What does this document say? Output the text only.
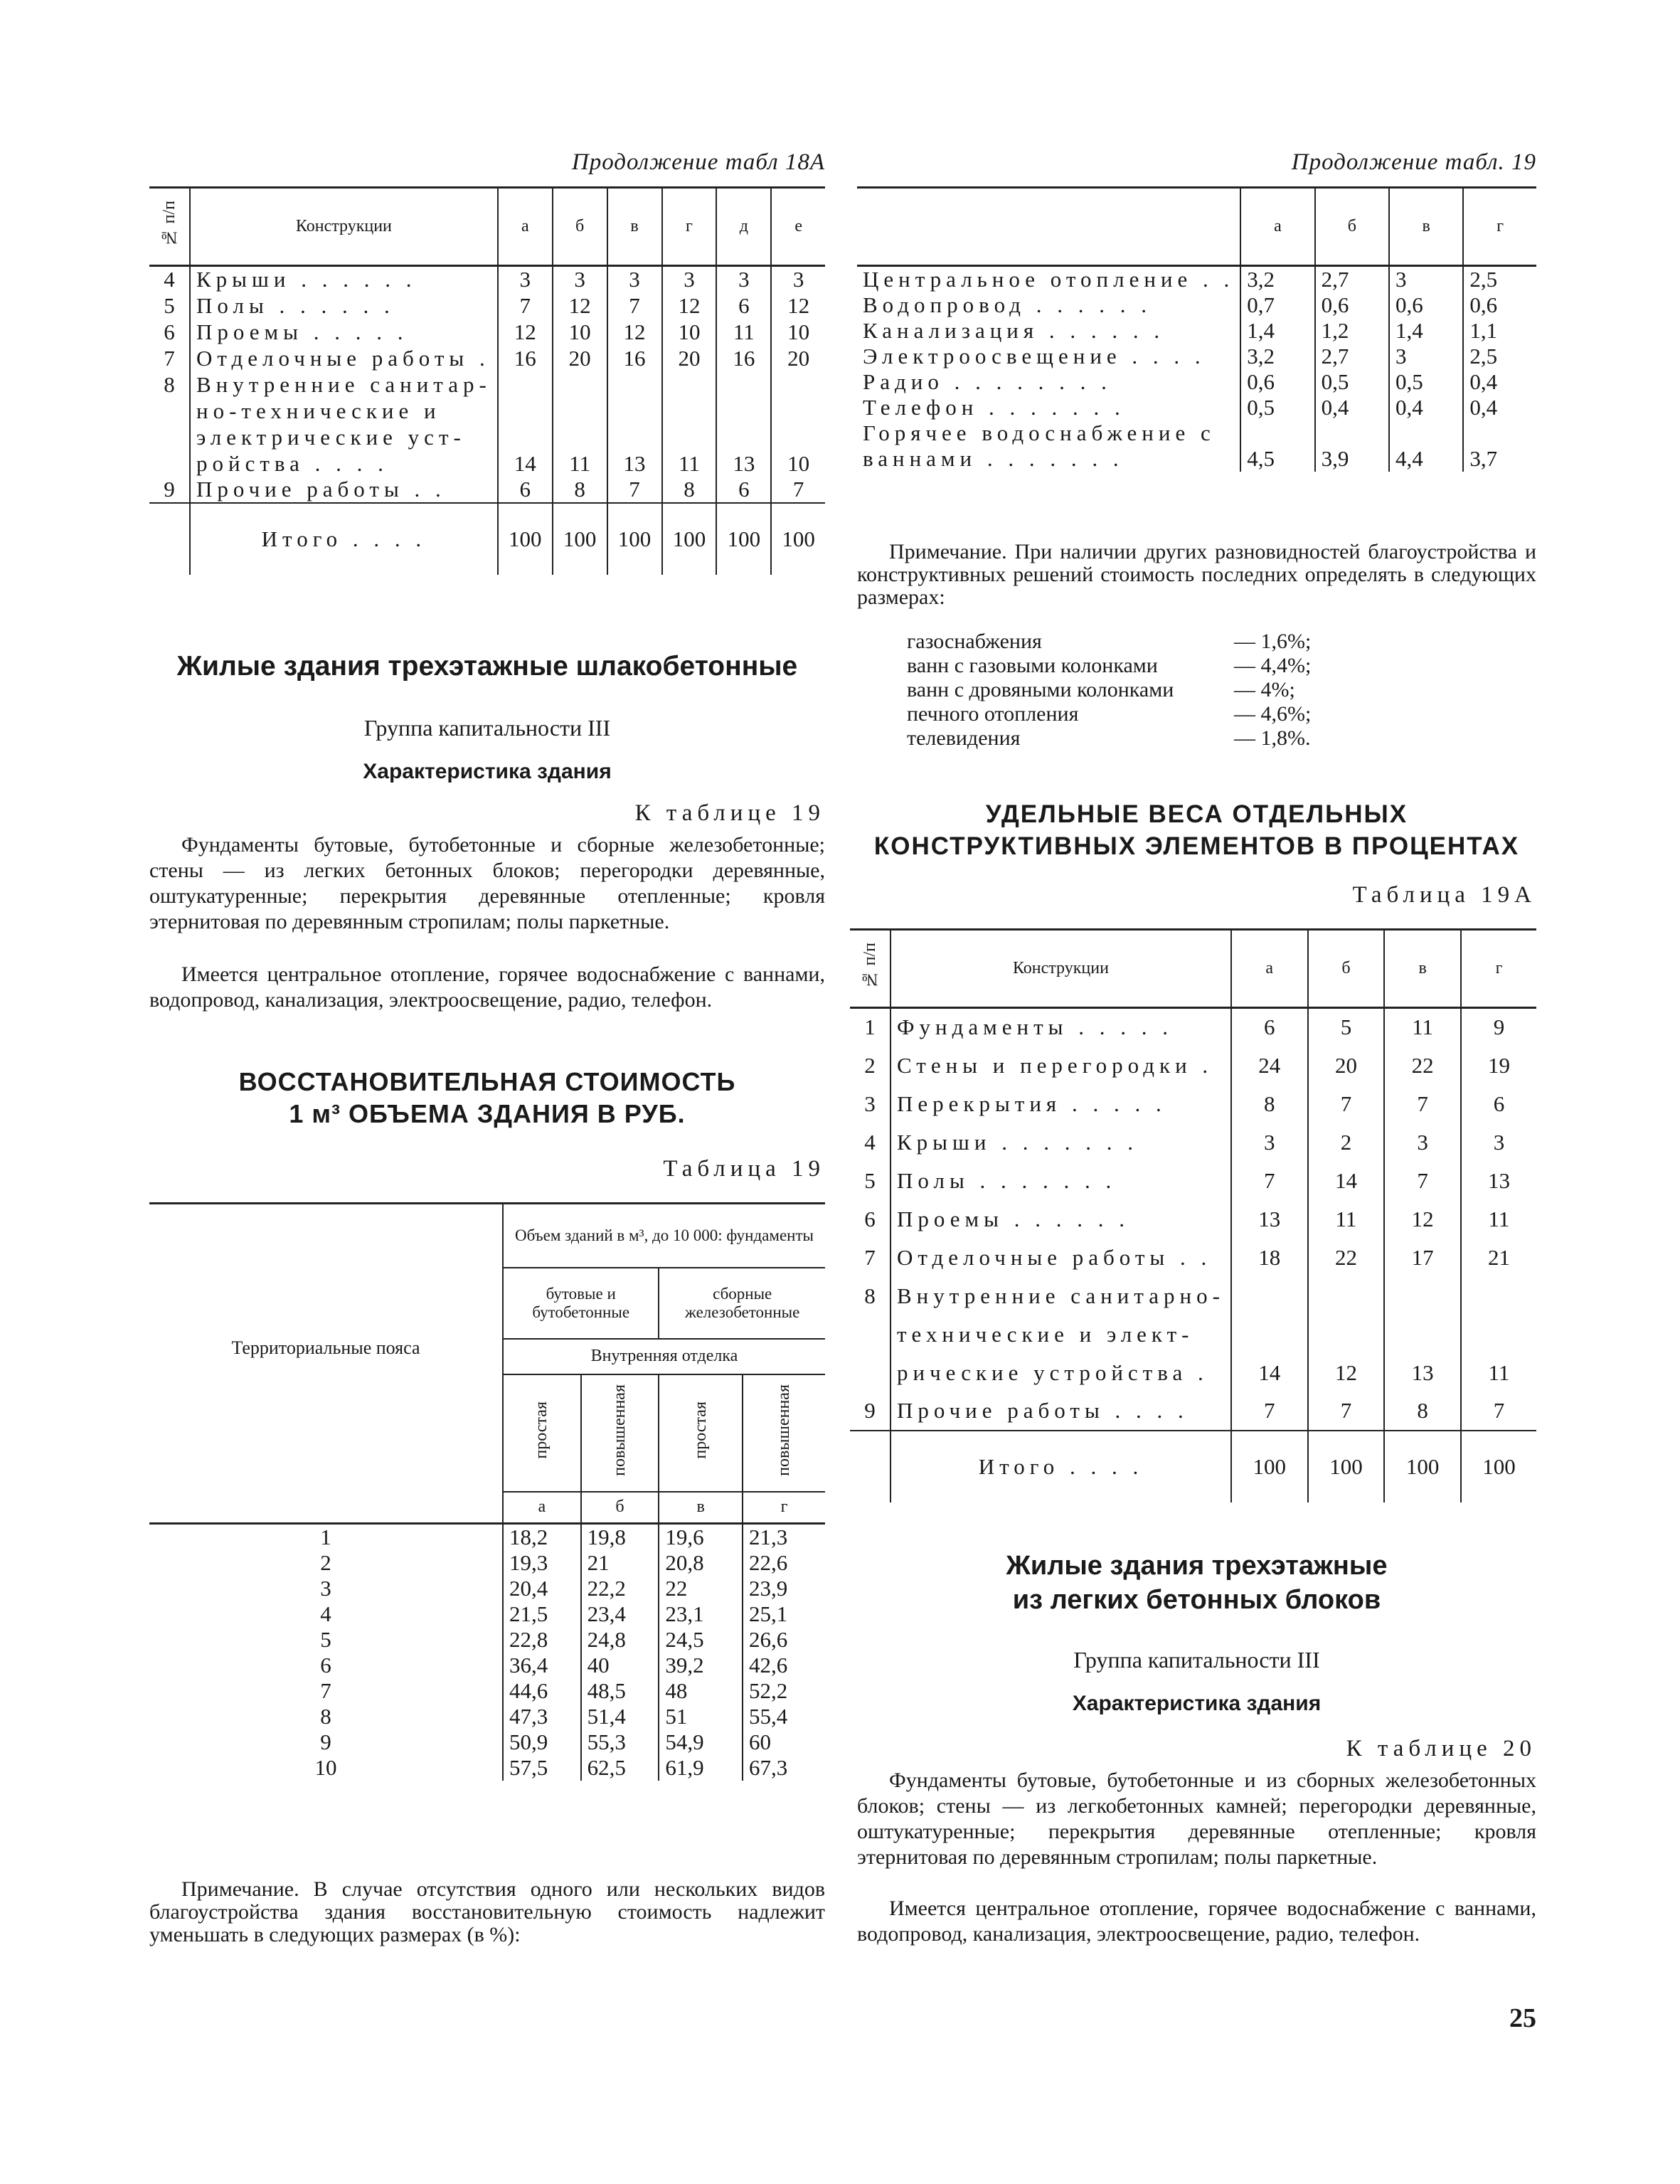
Продолжение табл 18А
№ п/п	Конструкции	а	б	в	г	д	е
4	Крыши . . . . . .	3	3	3	3	3	3
5	Полы . . . . . .	7	12	7	12	6	12
6	Проемы . . . . .	12	10	12	10	11	10
7	Отделочные работы .	16	20	16	20	16	20
8	Внутренние санитар-						
	но-технические и						
	электрические уст-						
	ройства . . . .	14	11	13	11	13	10
9	Прочие работы . .	6	8	7	8	6	7
	Итого . . . .	100	100	100	100	100	100
Жилые здания трехэтажные шлакобетонные
Группа капитальности III
Характеристика здания
К таблице 19

Фундаменты бутовые, бутобетонные и сборные железобетонные; стены — из легких бетонных блоков; перегородки деревянные, оштукатуренные; перекрытия деревянные отепленные; кровля этернитовая по деревянным стропилам; полы паркетные.

Имеется центральное отопление, горячее водоснабжение с ваннами, водопровод, канализация, электроосвещение, радио, телефон.

ВОССТАНОВИТЕЛЬНАЯ СТОИМОСТЬ
1 м³ ОБЪЕМА ЗДАНИЯ В РУБ.
Таблица 19
Территориальные пояса	Объем зданий в м³, до 10 000: фундаменты			
	бутовые и бутобетонные		сборные железобетонные	
	Внутренняя отделка			
	простая	повышенная	простая	повышенная
	а	б	в	г
1	18,2	19,8	19,6	21,3
2	19,3	21	20,8	22,6
3	20,4	22,2	22	23,9
4	21,5	23,4	23,1	25,1
5	22,8	24,8	24,5	26,6
6	36,4	40	39,2	42,6
7	44,6	48,5	48	52,2
8	47,3	51,4	51	55,4
9	50,9	55,3	54,9	60
10	57,5	62,5	61,9	67,3

Примечание. В случае отсутствия одного или нескольких видов благоустройства здания восстановительную стоимость надлежит уменьшать в следующих размерах (в %):

Продолжение табл. 19
	а	б	в	г
Центральное отопление . .	3,2	2,7	3	2,5
Водопровод . . . . . .	0,7	0,6	0,6	0,6
Канализация . . . . . .	1,4	1,2	1,4	1,1
Электроосвещение . . . .	3,2	2,7	3	2,5
Радио . . . . . . . .	0,6	0,5	0,5	0,4
Телефон . . . . . . .	0,5	0,4	0,4	0,4
Горячее водоснабжение с				
ваннами . . . . . . .	4,5	3,9	4,4	3,7

Примечание. При наличии других разновидностей благоустройства и конструктивных решений стоимость последних определять в следующих размерах:

газоснабжения	— 1,6%;
ванн с газовыми колонками	— 4,4%;
ванн с дровяными колонками	— 4%;
печного отопления	— 4,6%;
телевидения	— 1,8%.
УДЕЛЬНЫЕ ВЕСА ОТДЕЛЬНЫХ
КОНСТРУКТИВНЫХ ЭЛЕМЕНТОВ В ПРОЦЕНТАХ
Таблица 19А
№ п/п	Конструкции	а	б	в	г
1	Фундаменты . . . . .	6	5	11	9
2	Стены и перегородки .	24	20	22	19
3	Перекрытия . . . . .	8	7	7	6
4	Крыши . . . . . . .	3	2	3	3
5	Полы . . . . . . .	7	14	7	13
6	Проемы . . . . . .	13	11	12	11
7	Отделочные работы . .	18	22	17	21
8	Внутренние санитарно-				
	технические и элект-				
	рические устройства .	14	12	13	11
9	Прочие работы . . . .	7	7	8	7
	Итого . . . .	100	100	100	100
Жилые здания трехэтажные
из легких бетонных блоков
Группа капитальности III
Характеристика здания
К таблице 20

Фундаменты бутовые, бутобетонные и из сборных железобетонных блоков; стены — из легкобетонных камней; перегородки деревянные, оштукатуренные; перекрытия деревянные отепленные; кровля этернитовая по деревянным стропилам; полы паркетные.

Имеется центральное отопление, горячее водоснабжение с ваннами, водопровод, канализация, электроосвещение, радио, телефон.

25
